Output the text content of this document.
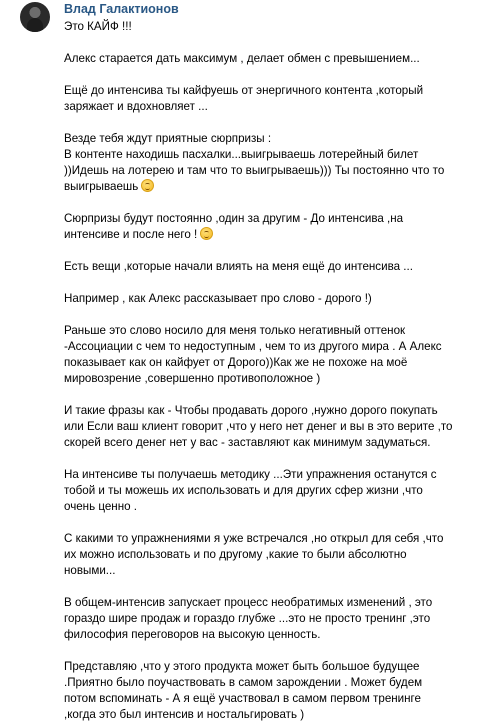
Влад Галактионов
Это КАЙФ !!!
Алекс старается дать максимум , делает обмен с превышением...
Ещё до интенсива ты кайфуешь от энергичного контента ,который
заряжает и вдохновляет ...
Везде тебя ждут приятные сюрпризы :
В контенте находишь пасхалки...выигрываешь лотерейный билет
))Идешь на лотерею и там что то выигрываешь))) Ты постоянно что то
выигрываешь
Сюрпризы будут постоянно ,один за другим - До интенсива ,на
интенсиве и после него !
Есть вещи ,которые начали влиять на меня ещё до интенсива ...
Например , как Алекс рассказывает про слово - дорого !)
Раньше это слово носило для меня только негативный оттенок
-Ассоциации с чем то недоступным , чем то из другого мира . А Алекс
показывает как он кайфует от Дорого))Как же не похоже на моё
мировозрение ,совершенно противоположное )
И такие фразы как - Чтобы продавать дорого ,нужно дорого покупать
или Если ваш клиент говорит ,что у него нет денег и вы в это верите ,то
скорей всего денег нет у вас - заставляют как минимум задуматься.
На интенсиве ты получаешь методику ...Эти упражнения останутся с
тобой и ты можешь их использовать и для других сфер жизни ,что
очень ценно .
С какими то упражнениями я уже встречался ,но открыл для себя ,что
их можно использовать и по другому ,какие то были абсолютно
новыми...
В общем-интенсив запускает процесс необратимых изменений , это
гораздо шире продаж и гораздо глубже ...это не просто тренинг ,это
философия переговоров на высокую ценность.
Представляю ,что у этого продукта может быть большое будущее
.Приятно было поучаствовать в самом зарождении . Может будем
потом вспоминать - А я ещё участвовал в самом первом тренинге
,когда это был интенсив и ностальгировать )
